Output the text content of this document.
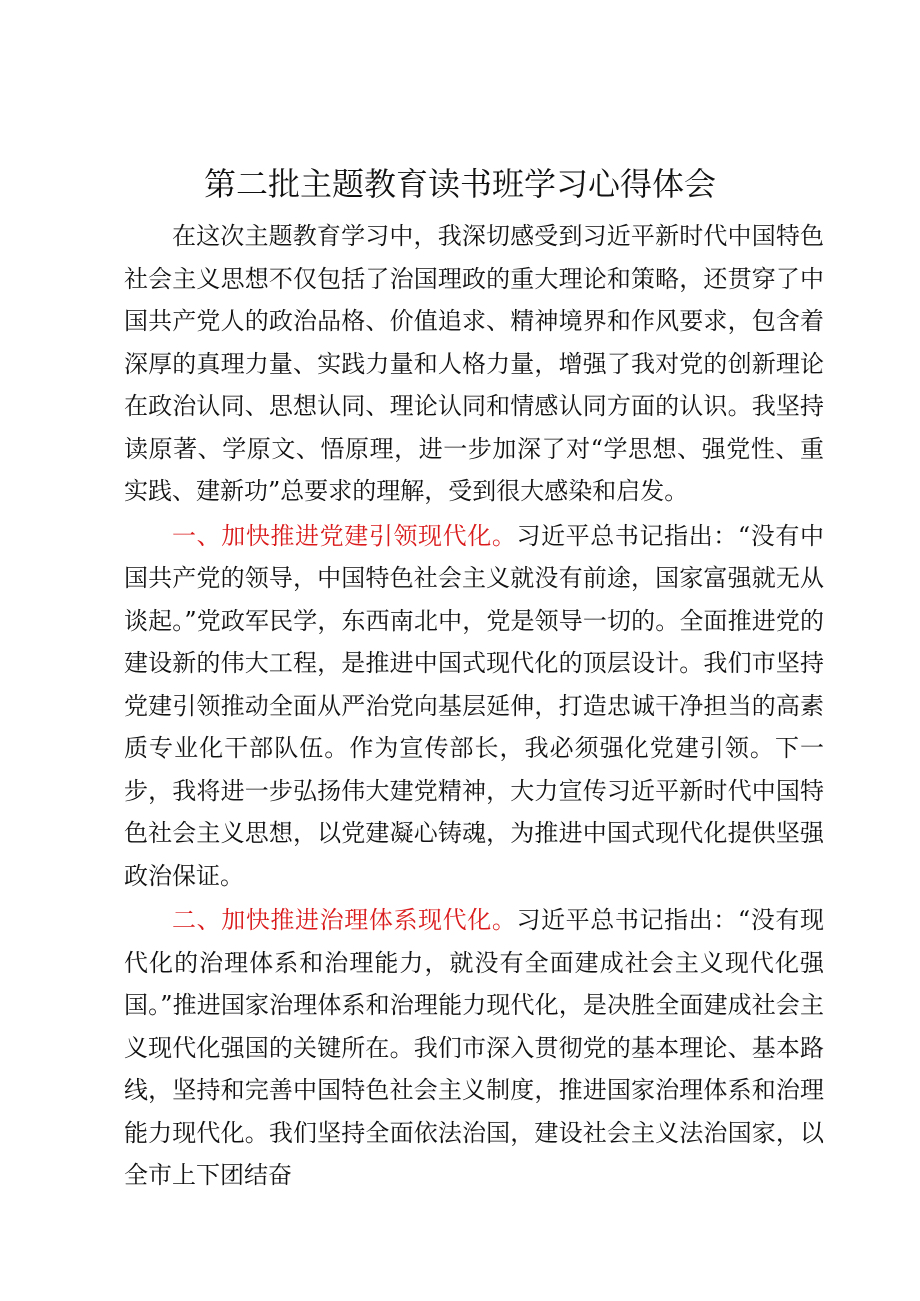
第二批主题教育读书班学习心得体会

在这次主题教育学习中，我深切感受到习近平新时代中国特色社会主义思想不仅包括了治国理政的重大理论和策略，还贯穿了中国共产党人的政治品格、价值追求、精神境界和作风要求，包含着深厚的真理力量、实践力量和人格力量，增强了我对党的创新理论在政治认同、思想认同、理论认同和情感认同方面的认识。我坚持读原著、学原文、悟原理，进一步加深了对“学思想、强党性、重实践、建新功”总要求的理解，受到很大感染和启发。

一、加快推进党建引领现代化。习近平总书记指出：“没有中国共产党的领导，中国特色社会主义就没有前途，国家富强就无从谈起。”党政军民学，东西南北中，党是领导一切的。全面推进党的建设新的伟大工程，是推进中国式现代化的顶层设计。我们市坚持党建引领推动全面从严治党向基层延伸，打造忠诚干净担当的高素质专业化干部队伍。作为宣传部长，我必须强化党建引领。下一步，我将进一步弘扬伟大建党精神，大力宣传习近平新时代中国特色社会主义思想，以党建凝心铸魂，为推进中国式现代化提供坚强政治保证。

二、加快推进治理体系现代化。习近平总书记指出：“没有现代化的治理体系和治理能力，就没有全面建成社会主义现代化强国。”推进国家治理体系和治理能力现代化，是决胜全面建成社会主义现代化强国的关键所在。我们市深入贯彻党的基本理论、基本路线，坚持和完善中国特色社会主义制度，推进国家治理体系和治理能力现代化。我们坚持全面依法治国，建设社会主义法治国家，以全市上下团结奋
